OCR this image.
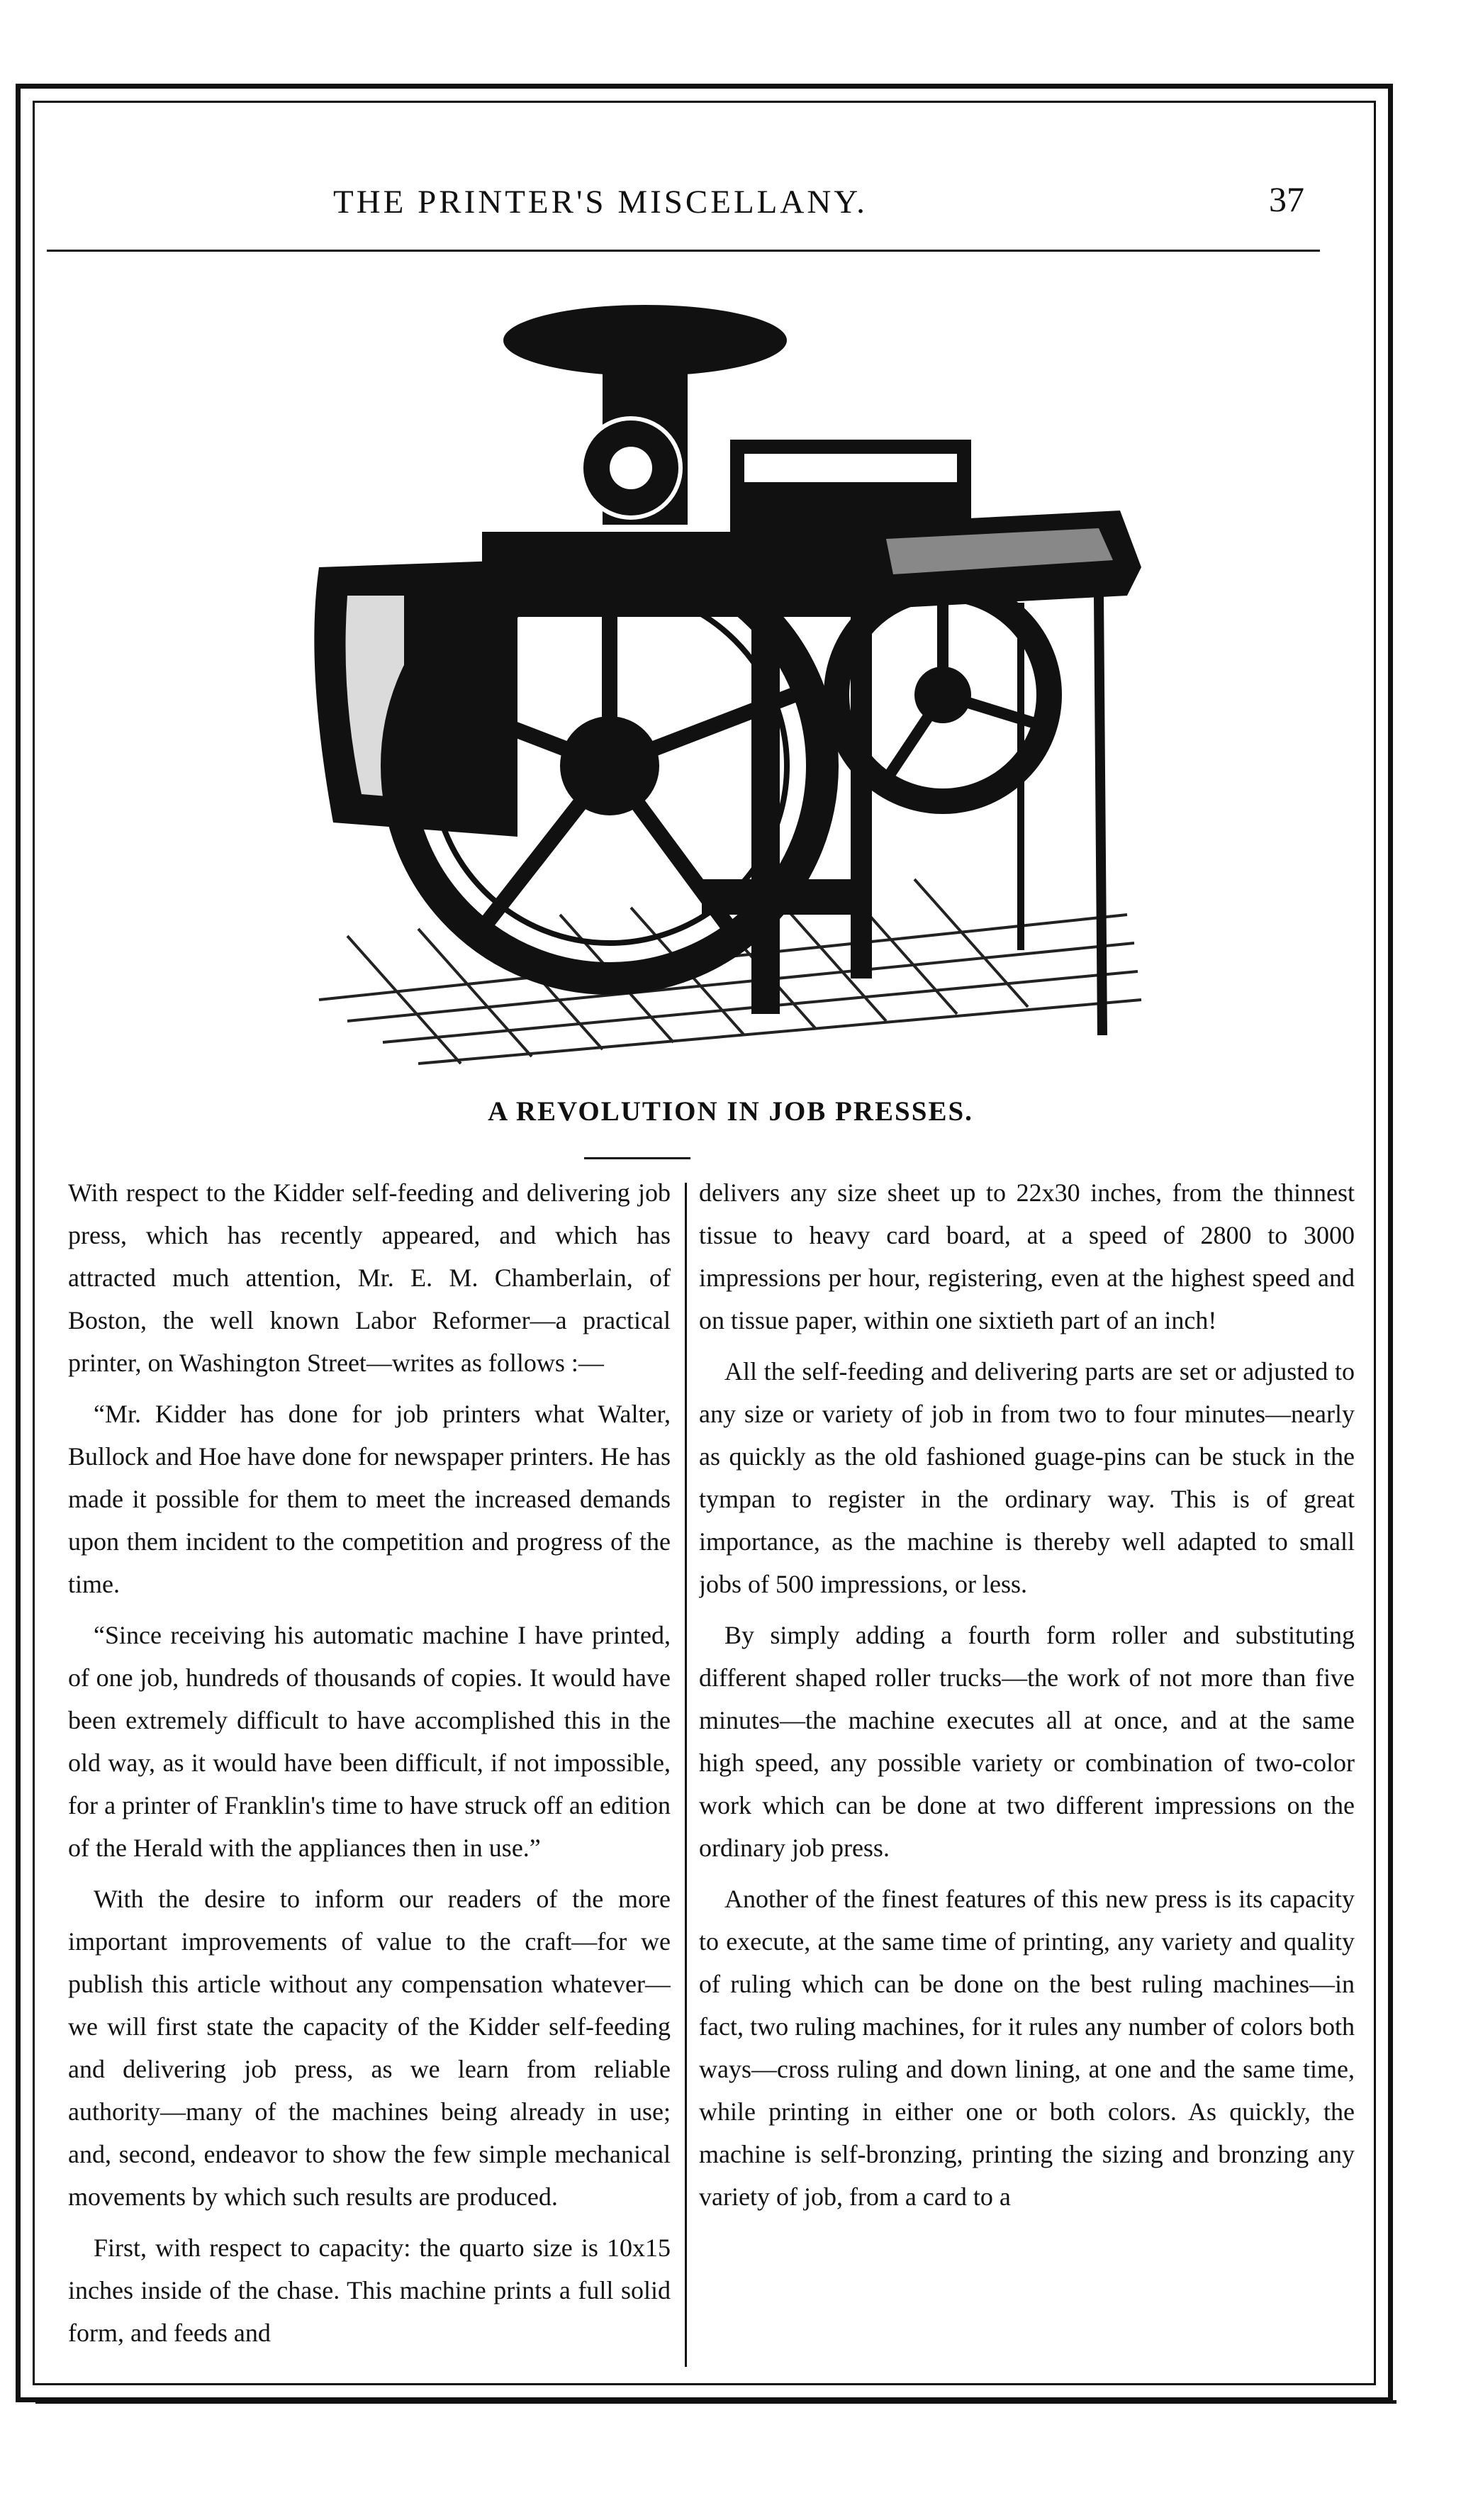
THE PRINTER'S MISCELLANY.	37
A REVOLUTION IN JOB PRESSES.

With respect to the Kidder self-feeding and delivering job press, which has recently appeared, and which has attracted much attention, Mr. E. M. Chamberlain, of Boston, the well known Labor Reformer—a practical printer, on Washington Street—writes as follows :—

“Mr. Kidder has done for job printers what Walter, Bullock and Hoe have done for newspaper printers. He has made it possible for them to meet the increased demands upon them incident to the competition and progress of the time.

“Since receiving his automatic machine I have printed, of one job, hundreds of thousands of copies. It would have been extremely difficult to have accomplished this in the old way, as it would have been difficult, if not impossible, for a printer of Franklin's time to have struck off an edition of the Herald with the appliances then in use.”

With the desire to inform our readers of the more important improvements of value to the craft—for we publish this article without any compensation whatever—we will first state the capacity of the Kidder self-feeding and delivering job press, as we learn from reliable authority—many of the machines being already in use; and, second, endeavor to show the few simple mechanical movements by which such results are produced.

First, with respect to capacity: the quarto size is 10x15 inches inside of the chase. This machine prints a full solid form, and feeds and

delivers any size sheet up to 22x30 inches, from the thinnest tissue to heavy card board, at a speed of 2800 to 3000 impressions per hour, registering, even at the highest speed and on tissue paper, within one sixtieth part of an inch!

All the self-feeding and delivering parts are set or adjusted to any size or variety of job in from two to four minutes—nearly as quickly as the old fashioned guage-pins can be stuck in the tympan to register in the ordinary way. This is of great importance, as the machine is thereby well adapted to small jobs of 500 impressions, or less.

By simply adding a fourth form roller and substituting different shaped roller trucks—the work of not more than five minutes—the machine executes all at once, and at the same high speed, any possible variety or combination of two-color work which can be done at two different impressions on the ordinary job press.

Another of the finest features of this new press is its capacity to execute, at the same time of printing, any variety and quality of ruling which can be done on the best ruling machines—in fact, two ruling machines, for it rules any number of colors both ways—cross ruling and down lining, at one and the same time, while printing in either one or both colors. As quickly, the machine is self-bronzing, printing the sizing and bronzing any variety of job, from a card to a
